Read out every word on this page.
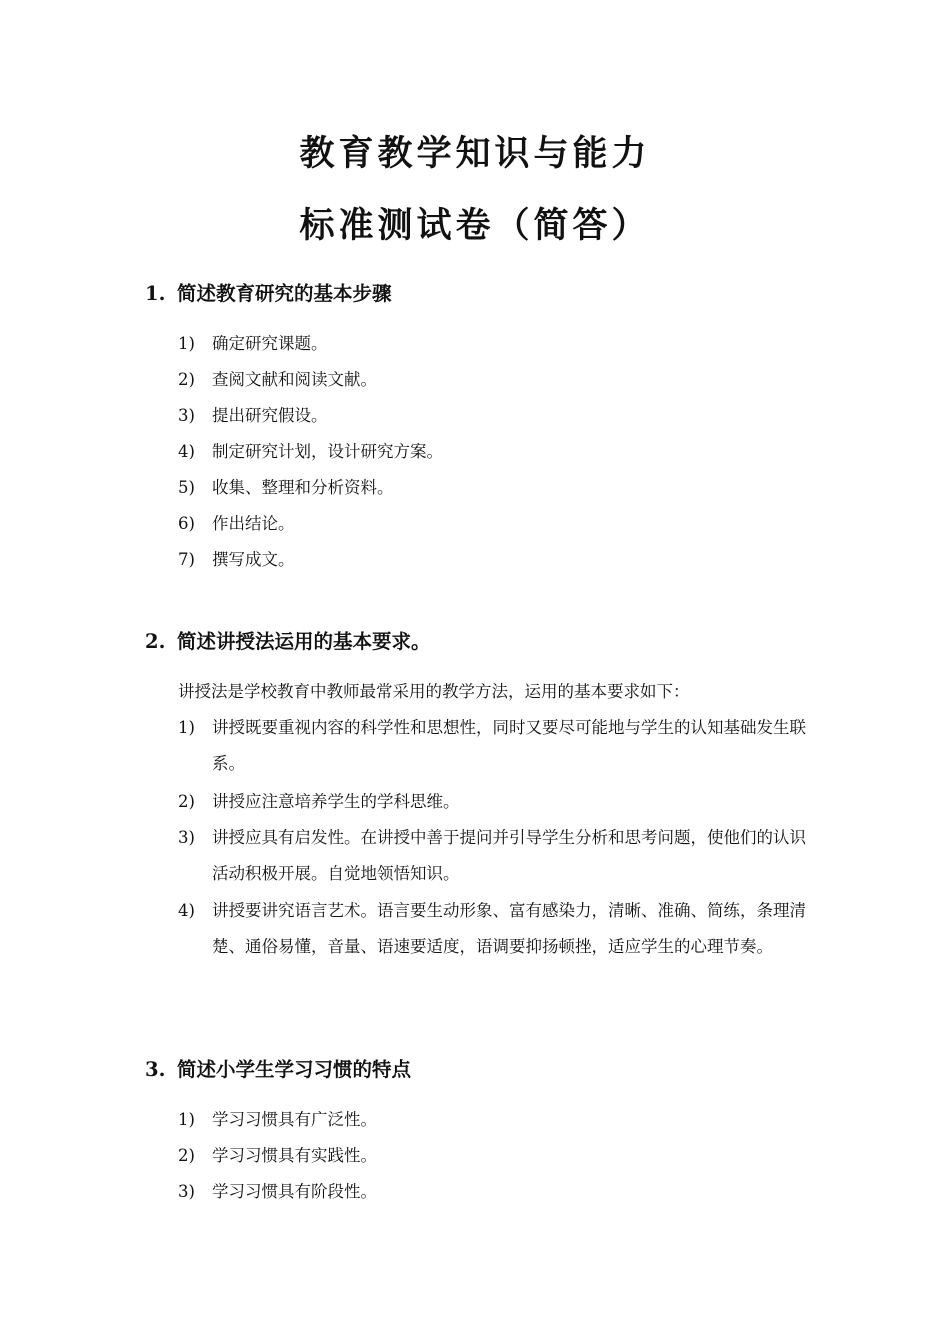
教育教学知识与能力
标准测试卷（简答）
1. 简述教育研究的基本步骤
1)	确定研究课题。
2)	查阅文献和阅读文献。
3)	提出研究假设。
4)	制定研究计划，设计研究方案。
5)	收集、整理和分析资料。
6)	作出结论。
7)	撰写成文。
2. 简述讲授法运用的基本要求。
讲授法是学校教育中教师最常采用的教学方法，运用的基本要求如下：
1)	讲授既要重视内容的科学性和思想性，同时又要尽可能地与学生的认知基础发生联系。
2)	讲授应注意培养学生的学科思维。
3)	讲授应具有启发性。在讲授中善于提问并引导学生分析和思考问题，使他们的认识活动积极开展。自觉地领悟知识。
4)	讲授要讲究语言艺术。语言要生动形象、富有感染力，清晰、准确、简练，条理清楚、通俗易懂，音量、语速要适度，语调要抑扬顿挫，适应学生的心理节奏。
3. 简述小学生学习习惯的特点
1)	学习习惯具有广泛性。
2)	学习习惯具有实践性。
3)	学习习惯具有阶段性。
